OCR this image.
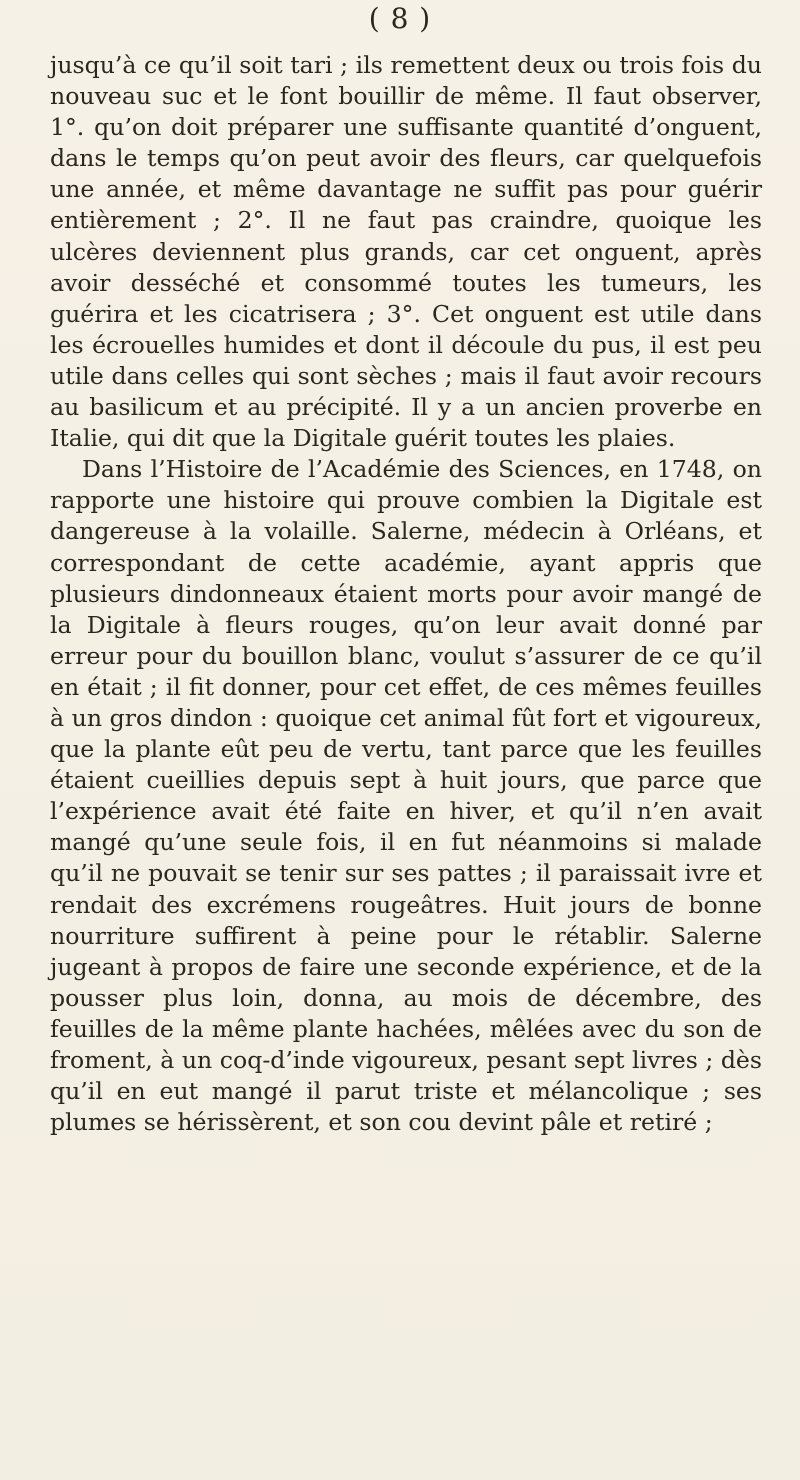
( 8 )

jusqu’à ce qu’il soit tari ; ils remettent deux ou trois fois du nouveau suc et le font bouillir de même. Il faut observer, 1°. qu’on doit préparer une suffisante quantité d’onguent, dans le temps qu’on peut avoir des fleurs, car quelquefois une année, et même davantage ne suffit pas pour guérir entièrement ; 2°. Il ne faut pas craindre, quoique les ulcères deviennent plus grands, car cet onguent, après avoir desséché et consommé toutes les tumeurs, les guérira et les cicatrisera ; 3°. Cet onguent est utile dans les écrouelles humides et dont il découle du pus, il est peu utile dans celles qui sont sèches ; mais il faut avoir recours au basilicum et au précipité. Il y a un ancien proverbe en Italie, qui dit que la Digitale guérit toutes les plaies.

Dans l’Histoire de l’Académie des Sciences, en 1748, on rapporte une histoire qui prouve combien la Digitale est dangereuse à la volaille. Salerne, médecin à Orléans, et correspondant de cette académie, ayant appris que plusieurs dindonneaux étaient morts pour avoir mangé de la Digitale à fleurs rouges, qu’on leur avait donné par erreur pour du bouillon blanc, voulut s’assurer de ce qu’il en était ; il fit donner, pour cet effet, de ces mêmes feuilles à un gros dindon : quoique cet animal fût fort et vigoureux, que la plante eût peu de vertu, tant parce que les feuilles étaient cueillies depuis sept à huit jours, que parce que l’expérience avait été faite en hiver, et qu’il n’en avait mangé qu’une seule fois, il en fut néanmoins si malade qu’il ne pouvait se tenir sur ses pattes ; il paraissait ivre et rendait des excrémens rougeâtres. Huit jours de bonne nourriture suffirent à peine pour le rétablir. Salerne jugeant à propos de faire une seconde expérience, et de la pousser plus loin, donna, au mois de décembre, des feuilles de la même plante hachées, mêlées avec du son de froment, à un coq-d’inde vigoureux, pesant sept livres ; dès qu’il en eut mangé il parut triste et mélancolique ; ses plumes se hérissèrent, et son cou devint pâle et retiré ;
